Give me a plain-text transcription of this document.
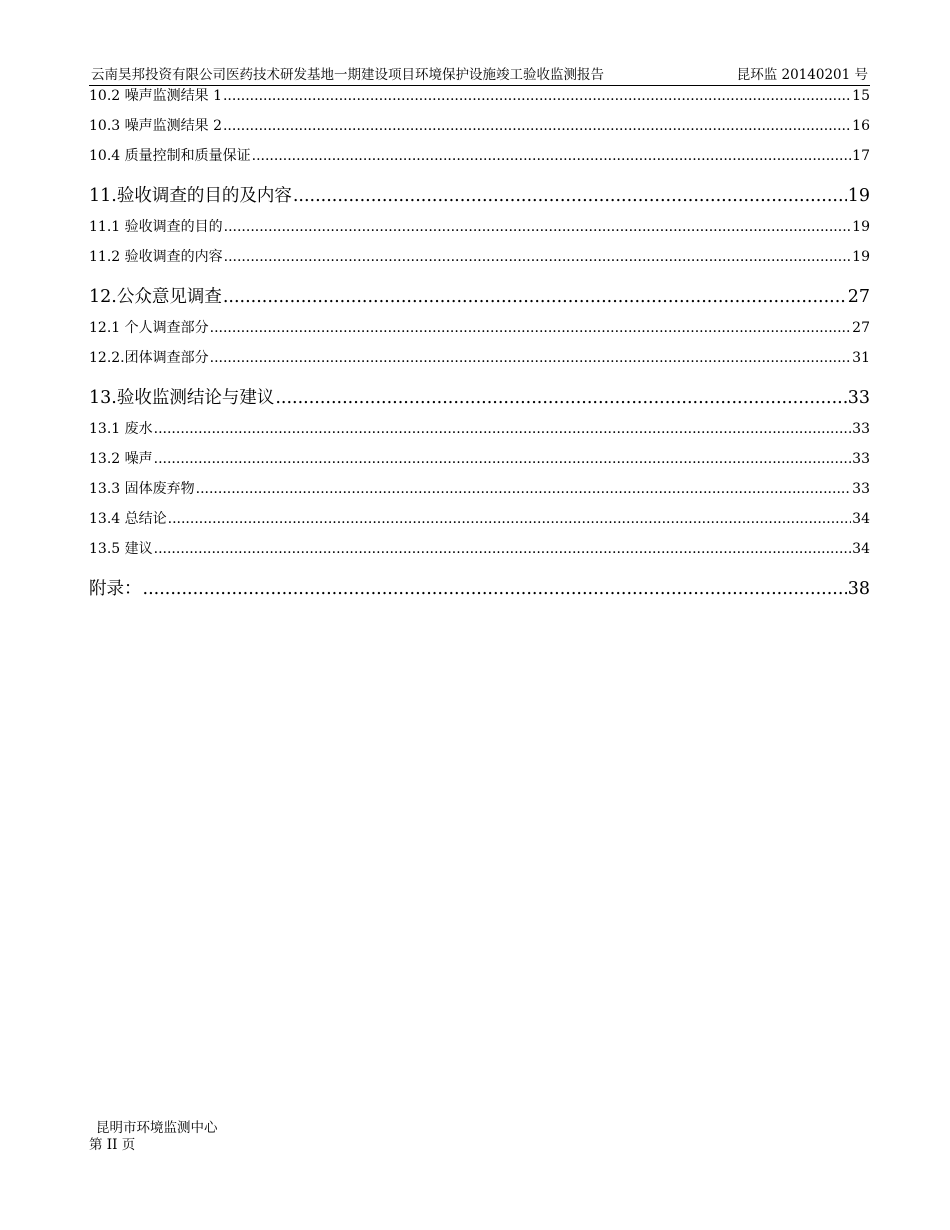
云南昊邦投资有限公司医药技术研发基地一期建设项目环境保护设施竣工验收监测报告	昆环监 20140201 号
10.2 噪声监测结果 1 .....	15
10.3 噪声监测结果 2 .....	16
10.4 质量控制和质量保证 .....	17
11.验收调查的目的及内容 .....	19
11.1 验收调查的目的 .....	19
11.2 验收调查的内容 .....	19
12.公众意见调查 .....	27
12.1 个人调查部分 .....	27
12.2.团体调查部分 .....	31
13.验收监测结论与建议 .....	33
13.1 废水 .....	33
13.2 噪声 .....	33
13.3 固体废弃物 .....	33
13.4 总结论 .....	34
13.5 建议 .....	34
附录： .....	38
昆明市环境监测中心
第 II 页
